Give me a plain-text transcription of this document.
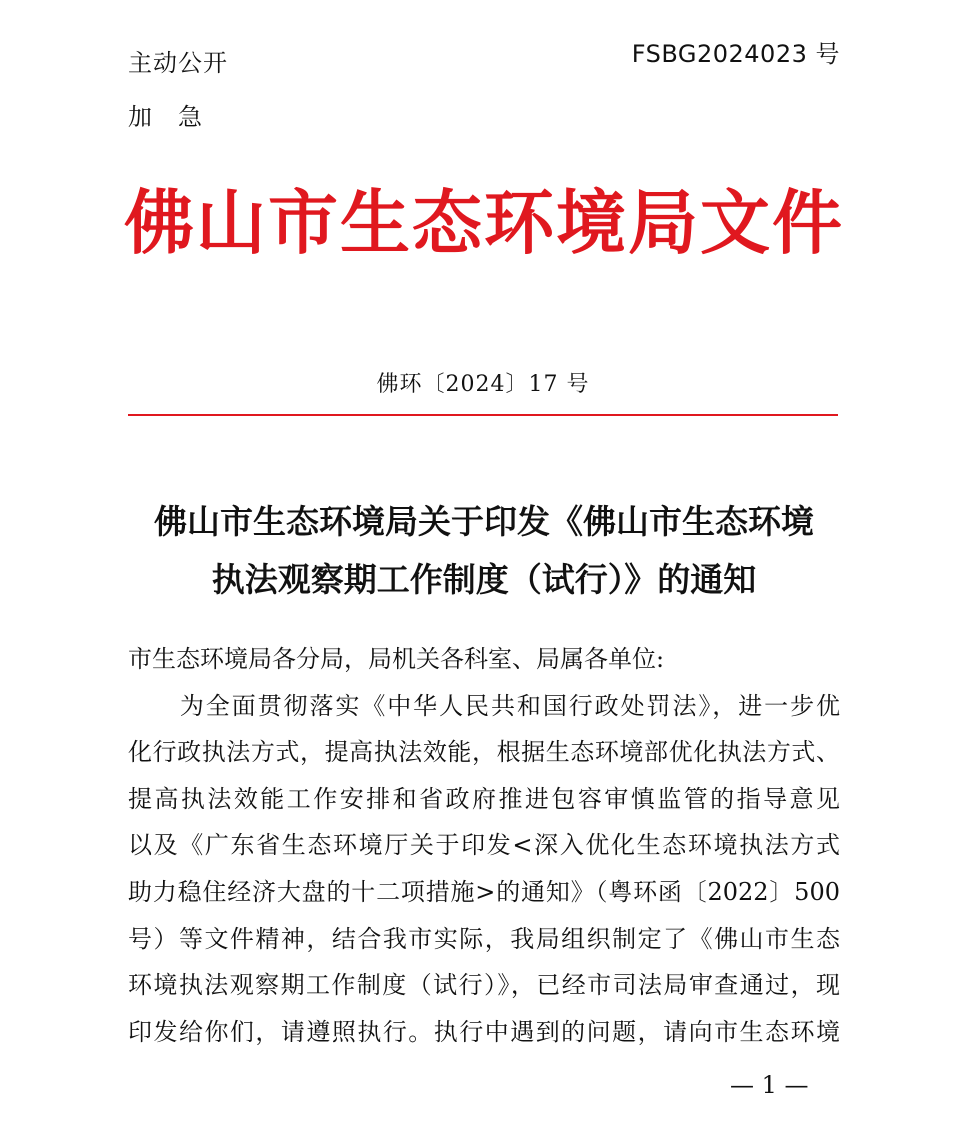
主动公开
加　急
FSBG2024023 号
佛山市生态环境局文件
佛环〔2024〕17 号
佛山市生态环境局关于印发《佛山市生态环境
执法观察期工作制度（试行）》的通知
市生态环境局各分局，局机关各科室、局属各单位:
　　为全面贯彻落实《中华人民共和国行政处罚法》，进一步优
化行政执法方式，提高执法效能，根据生态环境部优化执法方式、
提高执法效能工作安排和省政府推进包容审慎监管的指导意见
以及《广东省生态环境厅关于印发<深入优化生态环境执法方式
助力稳住经济大盘的十二项措施>的通知》（粤环函〔2022〕500
号）等文件精神，结合我市实际，我局组织制定了《佛山市生态
环境执法观察期工作制度（试行）》，已经市司法局审查通过，现
印发给你们，请遵照执行。执行中遇到的问题，请向市生态环境
— 1 —
